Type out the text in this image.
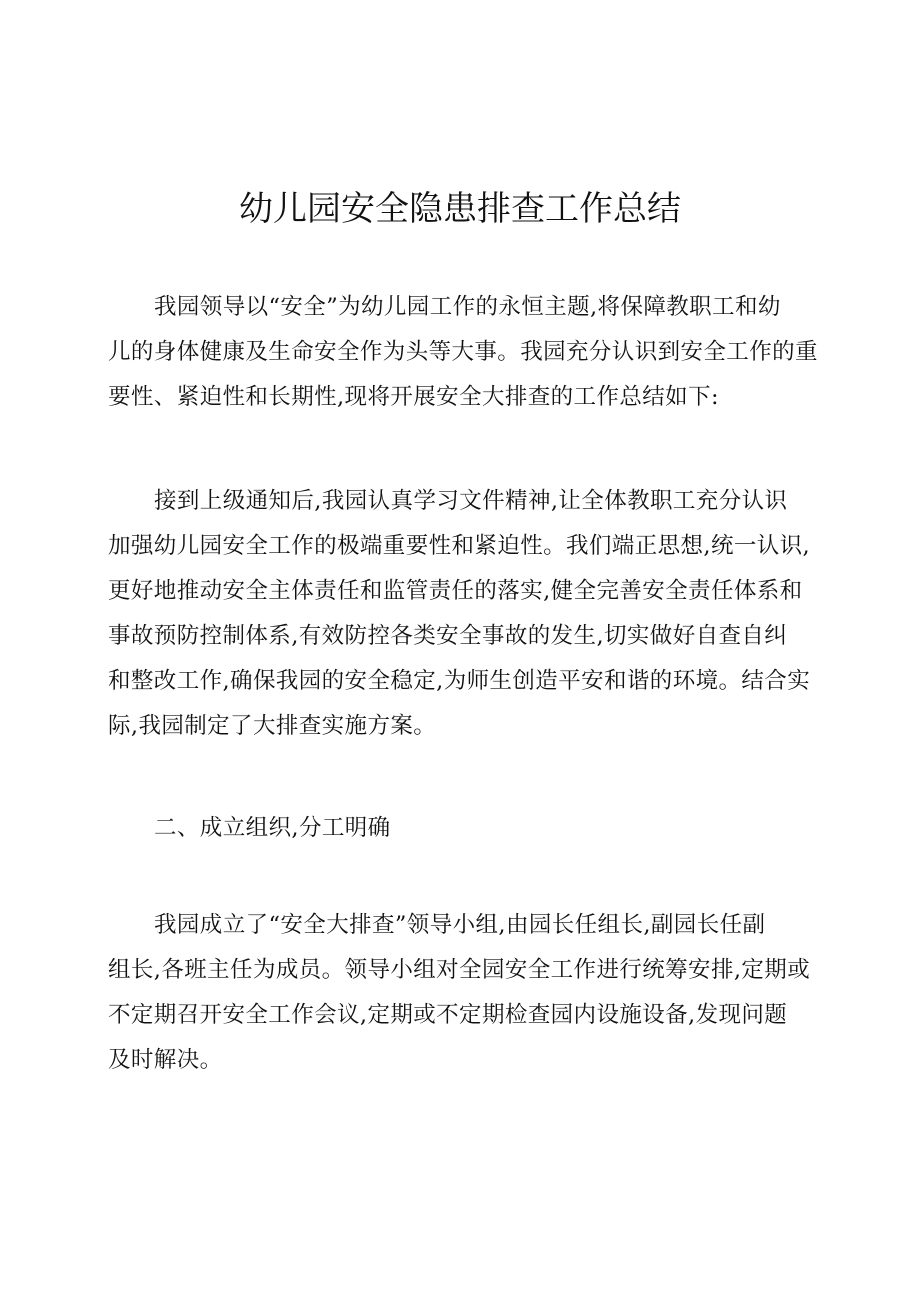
幼儿园安全隐患排查工作总结
我园领导以“安全”为幼儿园工作的永恒主题,将保障教职工和幼
儿的身体健康及生命安全作为头等大事。我园充分认识到安全工作的重
要性、紧迫性和长期性,现将开展安全大排查的工作总结如下:
接到上级通知后,我园认真学习文件精神,让全体教职工充分认识
加强幼儿园安全工作的极端重要性和紧迫性。我们端正思想,统一认识,
更好地推动安全主体责任和监管责任的落实,健全完善安全责任体系和
事故预防控制体系,有效防控各类安全事故的发生,切实做好自查自纠
和整改工作,确保我园的安全稳定,为师生创造平安和谐的环境。结合实
际,我园制定了大排查实施方案。
二、成立组织,分工明确
我园成立了“安全大排查”领导小组,由园长任组长,副园长任副
组长,各班主任为成员。领导小组对全园安全工作进行统筹安排,定期或
不定期召开安全工作会议,定期或不定期检查园内设施设备,发现问题
及时解决。
